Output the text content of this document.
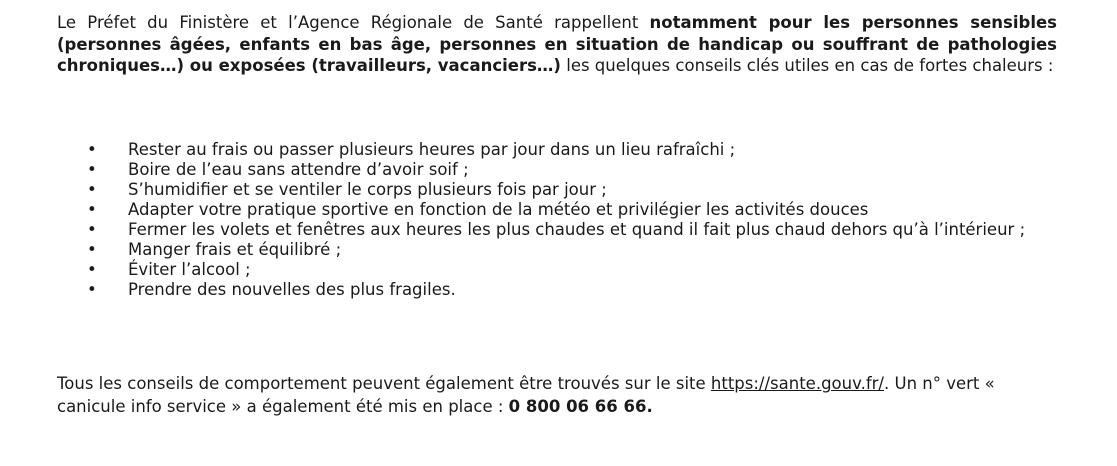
Le Préfet du Finistère et l’Agence Régionale de Santé rappellent notamment pour les personnes sensibles (personnes âgées, enfants en bas âge, personnes en situation de handicap ou souffrant de pathologies chroniques…) ou exposées (travailleurs, vacanciers…) les quelques conseils clés utiles en cas de fortes chaleurs :

• Rester au frais ou passer plusieurs heures par jour dans un lieu rafraîchi ;
• Boire de l’eau sans attendre d’avoir soif ;
• S’humidifier et se ventiler le corps plusieurs fois par jour ;
• Adapter votre pratique sportive en fonction de la météo et privilégier les activités douces
• Fermer les volets et fenêtres aux heures les plus chaudes et quand il fait plus chaud dehors qu’à l’intérieur ;
• Manger frais et équilibré ;
• Éviter l’alcool ;
• Prendre des nouvelles des plus fragiles.

Tous les conseils de comportement peuvent également être trouvés sur le site https://sante.gouv.fr/. Un n° vert « canicule info service » a également été mis en place : 0 800 06 66 66.
